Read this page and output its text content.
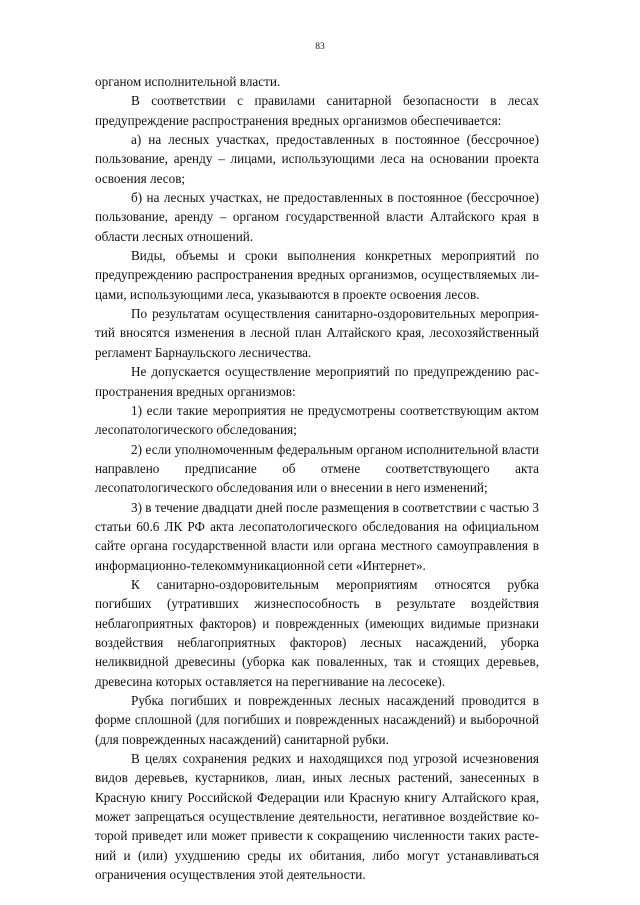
83

органом исполнительной власти.

В соответствии с правилами санитарной безопасности в лесах предупреждение распространения вредных организмов обеспечивается:

а) на лесных участках, предоставленных в постоянное (бессрочное) пользование, аренду – лицами, использующими леса на основании проекта освоения лесов;

б) на лесных участках, не предоставленных в постоянное (бессрочное) пользование, аренду – органом государственной власти Алтайского края в области лесных отношений.

Виды, объемы и сроки выполнения конкретных мероприятий по предупреждению распространения вредных организмов, осуществляемых лицами, использующими леса, указываются в проекте освоения лесов.

По результатам осуществления санитарно-оздоровительных мероприятий вносятся изменения в лесной план Алтайского края, лесохозяйственный регламент Барнаульского лесничества.

Не допускается осуществление мероприятий по предупреждению распространения вредных организмов:

1) если такие мероприятия не предусмотрены соответствующим актом лесопатологического обследования;

2) если уполномоченным федеральным органом исполнительной власти направлено предписание об отмене соответствующего акта лесопатологического обследования или о внесении в него изменений;

3) в течение двадцати дней после размещения в соответствии с частью 3 статьи 60.6 ЛК РФ акта лесопатологического обследования на официальном сайте органа государственной власти или органа местного самоуправления в информационно-телекоммуникационной сети «Интернет».

К санитарно-оздоровительным мероприятиям относятся рубка погибших (утративших жизнеспособность в результате воздействия неблагоприятных факторов) и поврежденных (имеющих видимые признаки воздействия неблагоприятных факторов) лесных насаждений, уборка неликвидной древесины (уборка как поваленных, так и стоящих деревьев, древесина которых оставляется на перегнивание на лесосеке).

Рубка погибших и поврежденных лесных насаждений проводится в форме сплошной (для погибших и поврежденных насаждений) и выборочной (для поврежденных насаждений) санитарной рубки.

В целях сохранения редких и находящихся под угрозой исчезновения видов деревьев, кустарников, лиан, иных лесных растений, занесенных в Красную книгу Российской Федерации или Красную книгу Алтайского края, может запрещаться осуществление деятельности, негативное воздействие которой приведет или может привести к сокращению численности таких растений и (или) ухудшению среды их обитания, либо могут устанавливаться ограничения осуществления этой деятельности.
